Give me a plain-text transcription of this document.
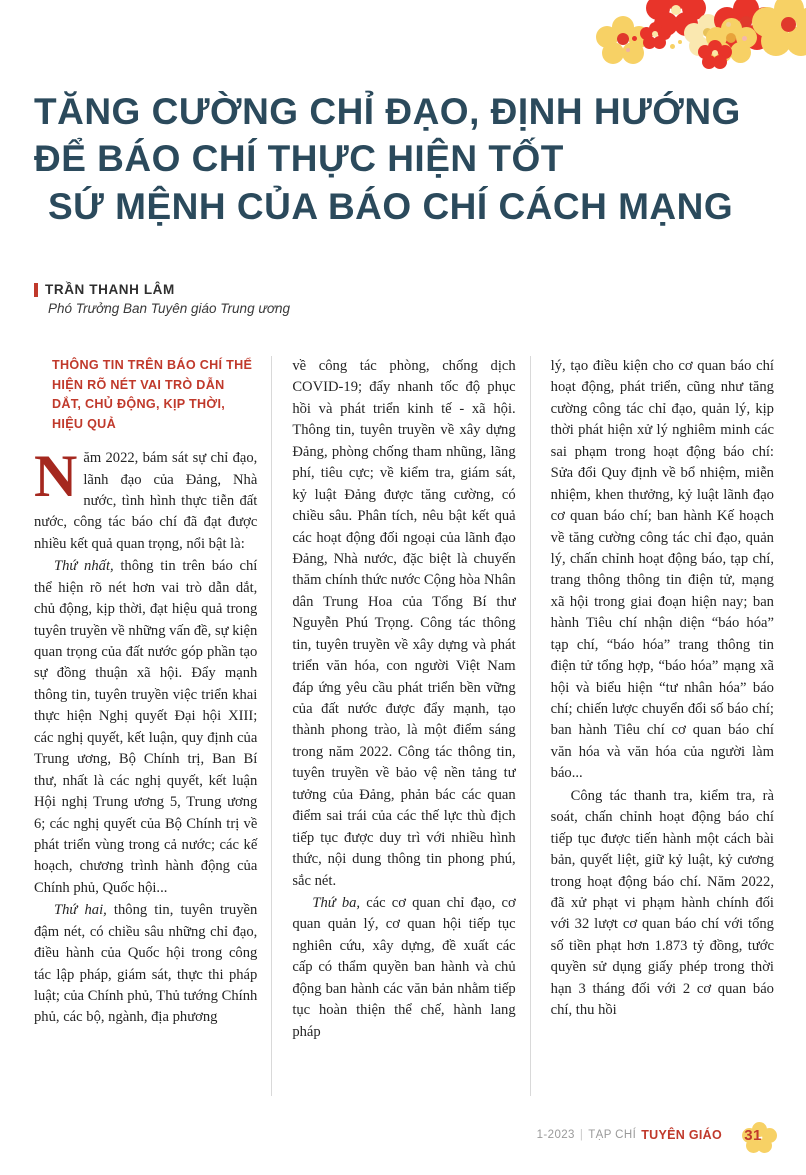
TĂNG CƯỜNG CHỈ ĐẠO, ĐỊNH HƯỚNG
ĐỂ BÁO CHÍ THỰC HIỆN TỐT
SỨ MỆNH CỦA BÁO CHÍ CÁCH MẠNG
TRẦN THANH LÂM
Phó Trưởng Ban Tuyên giáo Trung ương
THÔNG TIN TRÊN BÁO CHÍ THỂ HIỆN RÕ NÉT VAI TRÒ DẪN DẮT, CHỦ ĐỘNG, KỊP THỜI, HIỆU QUẢ

Năm 2022, bám sát sự chỉ đạo, lãnh đạo của Đảng, Nhà nước, tình hình thực tiễn đất nước, công tác báo chí đã đạt được nhiều kết quả quan trọng, nổi bật là:

Thứ nhất, thông tin trên báo chí thể hiện rõ nét hơn vai trò dẫn dắt, chủ động, kịp thời, đạt hiệu quả trong tuyên truyền về những vấn đề, sự kiện quan trọng của đất nước góp phần tạo sự đồng thuận xã hội. Đẩy mạnh thông tin, tuyên truyền việc triển khai thực hiện Nghị quyết Đại hội XIII; các nghị quyết, kết luận, quy định của Trung ương, Bộ Chính trị, Ban Bí thư, nhất là các nghị quyết, kết luận Hội nghị Trung ương 5, Trung ương 6; các nghị quyết của Bộ Chính trị về phát triển vùng trong cả nước; các kế hoạch, chương trình hành động của Chính phủ, Quốc hội...

Thứ hai, thông tin, tuyên truyền đậm nét, có chiều sâu những chỉ đạo, điều hành của Quốc hội trong công tác lập pháp, giám sát, thực thi pháp luật; của Chính phủ, Thủ tướng Chính phủ, các bộ, ngành, địa phương

về công tác phòng, chống dịch COVID-19; đẩy nhanh tốc độ phục hồi và phát triển kinh tế - xã hội. Thông tin, tuyên truyền về xây dựng Đảng, phòng chống tham nhũng, lãng phí, tiêu cực; về kiểm tra, giám sát, kỷ luật Đảng được tăng cường, có chiều sâu. Phân tích, nêu bật kết quả các hoạt động đối ngoại của lãnh đạo Đảng, Nhà nước, đặc biệt là chuyến thăm chính thức nước Cộng hòa Nhân dân Trung Hoa của Tổng Bí thư Nguyễn Phú Trọng. Công tác thông tin, tuyên truyền về xây dựng và phát triển văn hóa, con người Việt Nam đáp ứng yêu cầu phát triển bền vững của đất nước được đẩy mạnh, tạo thành phong trào, là một điểm sáng trong năm 2022. Công tác thông tin, tuyên truyền về bảo vệ nền tảng tư tưởng của Đảng, phản bác các quan điểm sai trái của các thế lực thù địch tiếp tục được duy trì với nhiều hình thức, nội dung thông tin phong phú, sắc nét.

Thứ ba, các cơ quan chỉ đạo, cơ quan quản lý, cơ quan hội tiếp tục nghiên cứu, xây dựng, đề xuất các cấp có thẩm quyền ban hành và chủ động ban hành các văn bản nhằm tiếp tục hoàn thiện thể chế, hành lang pháp

lý, tạo điều kiện cho cơ quan báo chí hoạt động, phát triển, cũng như tăng cường công tác chỉ đạo, quản lý, kịp thời phát hiện xử lý nghiêm minh các sai phạm trong hoạt động báo chí: Sửa đổi Quy định về bổ nhiệm, miễn nhiệm, khen thưởng, kỷ luật lãnh đạo cơ quan báo chí; ban hành Kế hoạch về tăng cường công tác chỉ đạo, quản lý, chấn chỉnh hoạt động báo, tạp chí, trang thông thông tin điện tử, mạng xã hội trong giai đoạn hiện nay; ban hành Tiêu chí nhận diện “báo hóa” tạp chí, “báo hóa” trang thông tin điện tử tổng hợp, “báo hóa” mạng xã hội và biểu hiện “tư nhân hóa” báo chí; chiến lược chuyển đổi số báo chí; ban hành Tiêu chí cơ quan báo chí văn hóa và văn hóa của người làm báo...

Công tác thanh tra, kiểm tra, rà soát, chấn chỉnh hoạt động báo chí tiếp tục được tiến hành một cách bài bản, quyết liệt, giữ kỷ luật, kỷ cương trong hoạt động báo chí. Năm 2022, đã xử phạt vi phạm hành chính đối với 32 lượt cơ quan báo chí với tổng số tiền phạt hơn 1.873 tỷ đồng, tước quyền sử dụng giấy phép trong thời hạn 3 tháng đối với 2 cơ quan báo chí, thu hồi

1-2023 | TẠP CHÍ TUYÊN GIÁO 31
